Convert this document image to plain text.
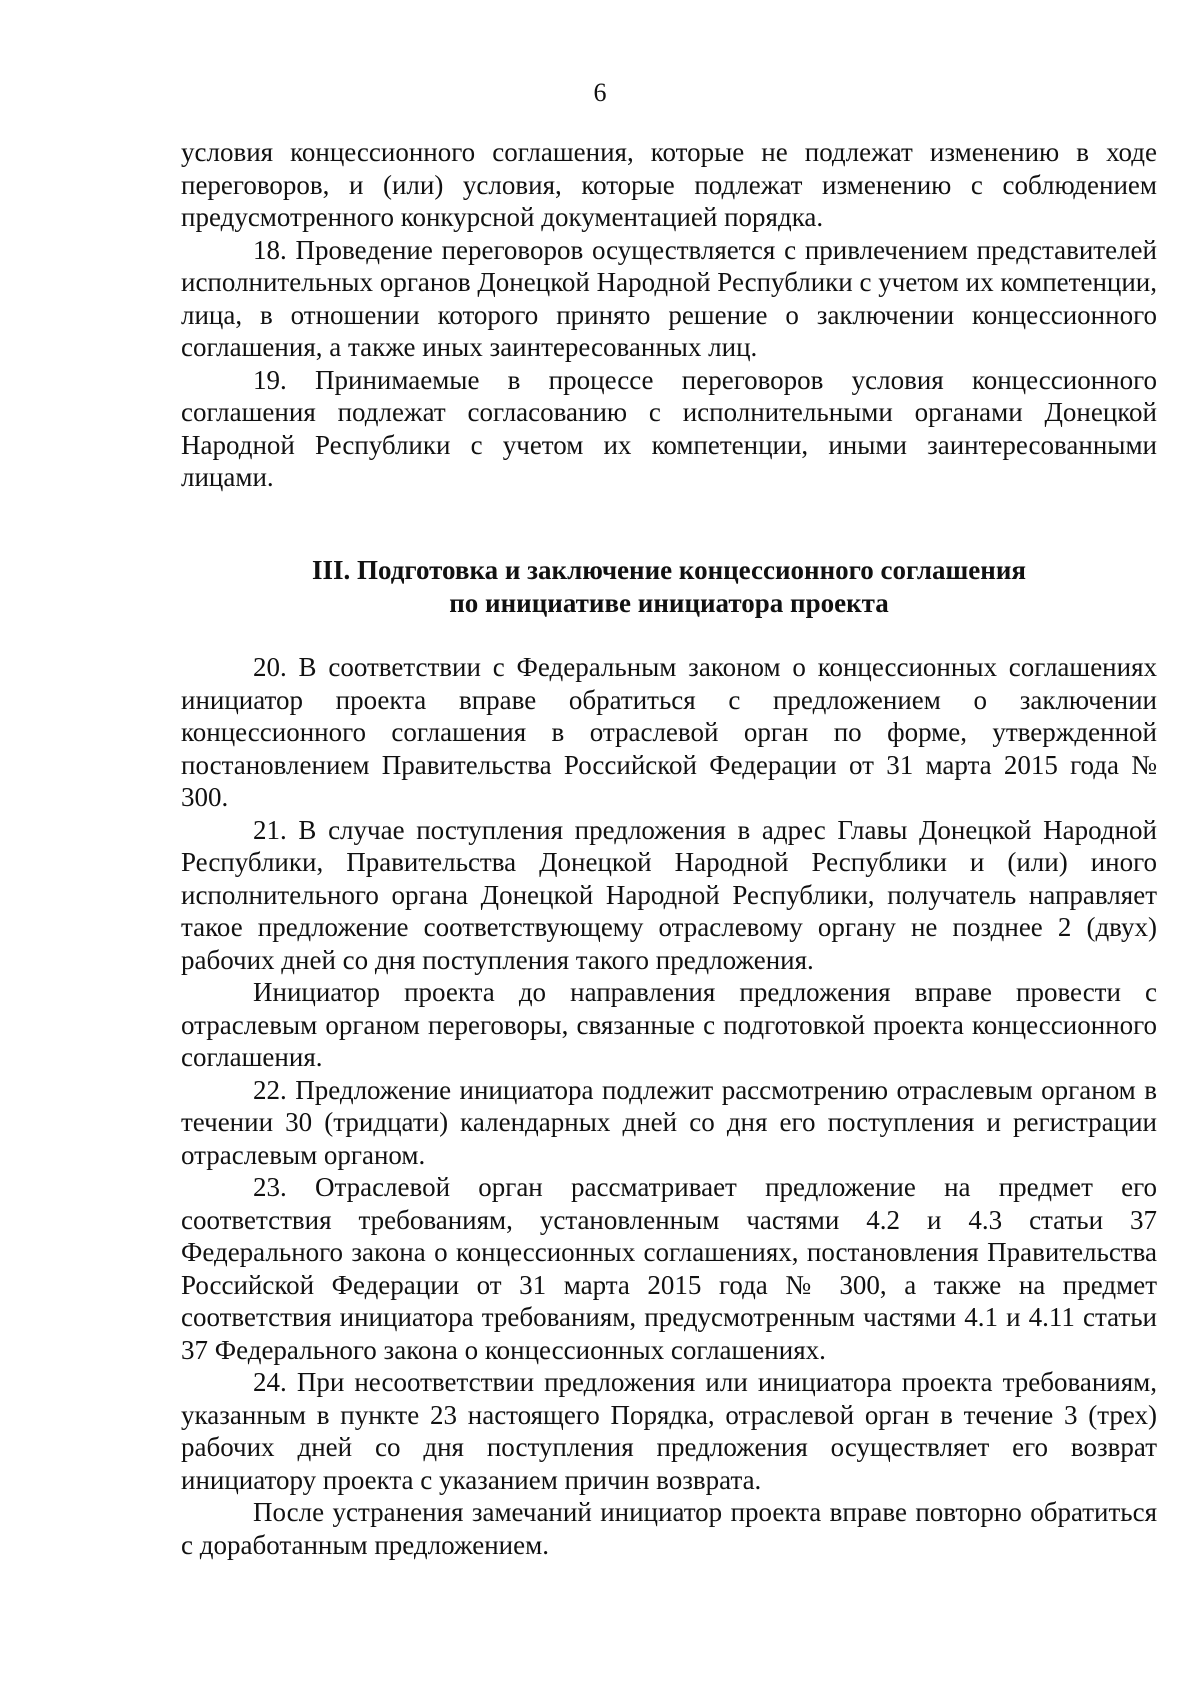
6

условия концессионного соглашения, которые не подлежат изменению в ходе переговоров, и (или) условия, которые подлежат изменению с соблюдением предусмотренного конкурсной документацией порядка.

18. Проведение переговоров осуществляется с привлечением представителей исполнительных органов Донецкой Народной Республики с учетом их компетенции, лица, в отношении которого принято решение о заключении концессионного соглашения, а также иных заинтересованных лиц.

19. Принимаемые в процессе переговоров условия концессионного соглашения подлежат согласованию с исполнительными органами Донецкой Народной Республики с учетом их компетенции, иными заинтересованными лицами.

III. Подготовка и заключение концессионного соглашения
по инициативе инициатора проекта

20. В соответствии с Федеральным законом о концессионных соглашениях инициатор проекта вправе обратиться с предложением о заключении концессионного соглашения в отраслевой орган по форме, утвержденной постановлением Правительства Российской Федерации от 31 марта 2015 года № 300.

21. В случае поступления предложения в адрес Главы Донецкой Народной Республики, Правительства Донецкой Народной Республики и (или) иного исполнительного органа Донецкой Народной Республики, получатель направляет такое предложение соответствующему отраслевому органу не позднее 2 (двух) рабочих дней со дня поступления такого предложения.

Инициатор проекта до направления предложения вправе провести с отраслевым органом переговоры, связанные с подготовкой проекта концессионного соглашения.

22. Предложение инициатора подлежит рассмотрению отраслевым органом в течении 30 (тридцати) календарных дней со дня его поступления и регистрации отраслевым органом.

23. Отраслевой орган рассматривает предложение на предмет его соответствия требованиям, установленным частями 4.2 и 4.3 статьи 37 Федерального закона о концессионных соглашениях, постановления Правительства Российской Федерации от 31 марта 2015 года № 300, а также на предмет соответствия инициатора требованиям, предусмотренным частями 4.1 и 4.11 статьи 37 Федерального закона о концессионных соглашениях.

24. При несоответствии предложения или инициатора проекта требованиям, указанным в пункте 23 настоящего Порядка, отраслевой орган в течение 3 (трех) рабочих дней со дня поступления предложения осуществляет его возврат инициатору проекта с указанием причин возврата.

После устранения замечаний инициатор проекта вправе повторно обратиться с доработанным предложением.
